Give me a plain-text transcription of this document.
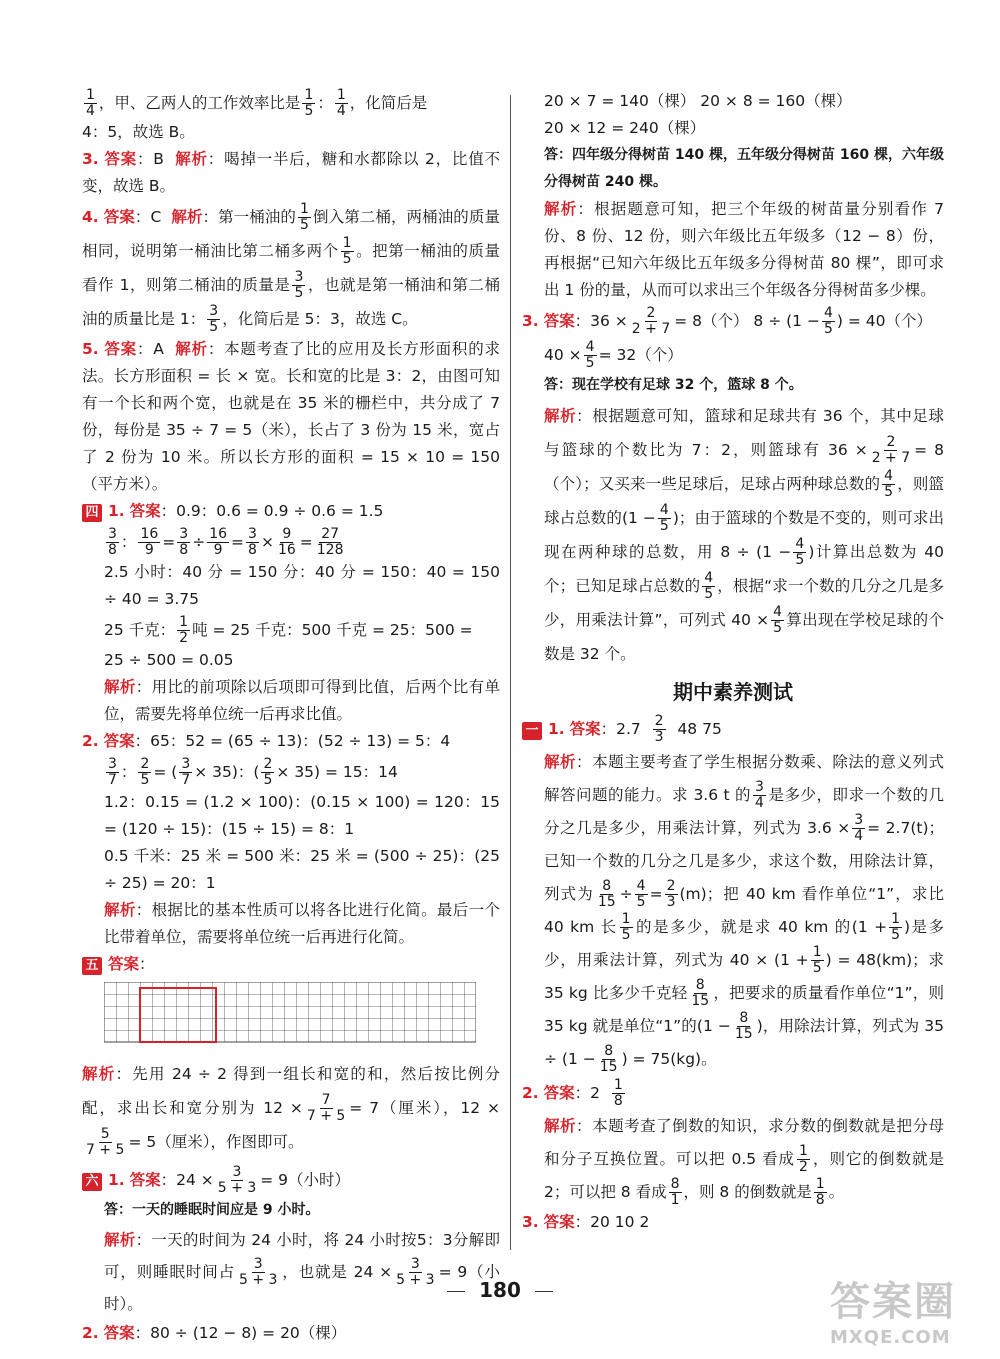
$\frac{1}{4}$ ，甲、乙两人的工作效率比是 $\frac{1}{5}$ ： $\frac{1}{4}$ ，化简后是

4：5，故选 B。

3. 答案：B 解析：喝掉一半后，糖和水都除以 2，比值不变，故选 B。

4. 答案：C 解析：第一桶油的 $\frac{1}{5}$ 倒入第二桶，两桶油的质量相同，说明第一桶油比第二桶多两个 $\frac{1}{5}$ 。把第一桶油的质量看作 1，则第二桶油的质量是 $\frac{3}{5}$ ，也就是第一桶油和第二桶油的质量比是 1： $\frac{3}{5}$ ，化简后是 5：3，故选 C。

5. 答案：A 解析：本题考查了比的应用及长方形面积的求法。长方形面积 = 长 × 宽。长和宽的比是 3：2，由图可知有一个长和两个宽，也就是在 35 米的栅栏中，共分成了 7 份，每份是 35 ÷ 7 = 5（米），长占了 3 份为 15 米，宽占了 2 份为 10 米。所以长方形的面积 = 15 × 10 = 150（平方米）。

四 1. 答案：0.9：0.6 = 0.9 ÷ 0.6 = 1.5

$\frac{3}{8}$ ： $\frac{16}{9} = \frac{3}{8} \div \frac{16}{9} = \frac{3}{8} \times \frac{9}{16} = \frac{27}{128}$

2.5 小时：40 分 = 150 分：40 分 = 150：40 = 150 ÷ 40 = 3.75

25 千克： $\frac{1}{2}$ 吨 = 25 千克：500 千克 = 25：500 =

25 ÷ 500 = 0.05

解析：用比的前项除以后项即可得到比值，后两个比有单位，需要先将单位统一后再求比值。

2. 答案：65：52 = (65 ÷ 13)：(52 ÷ 13) = 5：4

$\frac{3}{7}$ ： $\frac{2}{5}$ = ( $\frac{3}{7} \times 35$)：( $\frac{2}{5} \times 35) = 15$：14

1.2：0.15 = (1.2 × 100)：(0.15 × 100) = 120：15 = (120 ÷ 15)：(15 ÷ 15) = 8：1

0.5 千米：25 米 = 500 米：25 米 = (500 ÷ 25)：(25 ÷ 25) = 20：1

解析：根据比的基本性质可以将各比进行化简。最后一个比带着单位，需要将单位统一后再进行化简。

五 答案：

解析：先用 24 ÷ 2 得到一组长和宽的和，然后按比例分配，求出长和宽分别为 $12 \times \frac{7}{7 + 5} = 7$（厘米），12 ×
$\frac{5}{7 + 5} = 5$（厘米），作图即可。

六 1. 答案：$24 \times \frac{3}{5 + 3} = 9$（小时）

答：一天的睡眠时间应是 9 小时。

解析：一天的时间为 24 小时，将 24 小时按5：3分解即可，则睡眠时间占 $\frac{3}{5 + 3}$ ，也就是 $24 \times \frac{3}{5 + 3} = 9$（小时）。

2. 答案：80 ÷ (12 − 8) = 20（棵）

20 × 7 = 140（棵） 20 × 8 = 160（棵）

20 × 12 = 240（棵）

答：四年级分得树苗 140 棵，五年级分得树苗 160 棵，六年级分得树苗 240 棵。

解析：根据题意可知，把三个年级的树苗量分别看作 7 份、8 份、12 份，则六年级比五年级多（12 − 8）份，再根据“已知六年级比五年级多分得树苗 80 棵”，即可求出 1 份的量，从而可以求出三个年级各分得树苗多少棵。

3. 答案：$36 \times \frac{2}{2 + 7} = 8$（个） $8 \div (1 - \frac{4}{5}$ ) = 40（个）

$40 \times \frac{4}{5} = 32$（个）

答：现在学校有足球 32 个，篮球 8 个。

解析：根据题意可知，篮球和足球共有 36 个，其中足球与篮球的个数比为 7：2，则篮球有 $36 \times \frac{2}{2 + 7} = 8$（个）；又买来一些足球后，足球占两种球总数的 $\frac{4}{5}$ ，则篮球占总数的($1 - \frac{4}{5}$ )；由于篮球的个数是不变的，则可求出现在两种球的总数，用 $8 \div (1 - \frac{4}{5}$ )计算出总数为 40 个；已知足球占总数的 $\frac{4}{5}$ ，根据“求一个数的几分之几是多少，用乘法计算”，可列式 $40 \times \frac{4}{5}$ 算出现在学校足球的个数是 32 个。

期中素养测试

一 1. 答案：$2.7 \frac{2}{3} 48$ 75

解析：本题主要考查了学生根据分数乘、除法的意义列式解答问题的能力。求 3.6 t 的 $\frac{3}{4}$ 是多少，即求一个数的几分之几是多少，用乘法计算，列式为 $3.6 \times \frac{3}{4} = 2.7(t)$；已知一个数的几分之几是多少，求这个数，用除法计算，列式为 $\frac{8}{15} \div \frac{4}{5} = \frac{2}{3} (m)$；把 40 km 看作单位“1”，求比 40 km 长 $\frac{1}{5}$ 的是多少，就是求 40 km 的($1 + \frac{1}{5}$ )是多少，用乘法计算，列式为 $40 \times (1 + \frac{1}{5}$ ) = 48(km)；求 35 kg 比多少千克轻 $\frac{8}{15}$ ，把要求的质量看作单位“1”，则 35 kg 就是单位“1”的($1 - \frac{8}{15}$ )，用除法计算，列式为 $35 \div (1 - \frac{8}{15}$ ) = 75(kg)。

2. 答案：$2 \frac{1}{8}$

解析：本题考查了倒数的知识，求分数的倒数就是把分母和分子互换位置。可以把 0.5 看成 $\frac{1}{2}$ ，则它的倒数就是 2；可以把 8 看成 $\frac{8}{1}$ ，则 8 的倒数就是 $\frac{1}{8}$ 。

3. 答案：20 10 2

180	答案圈
MXQE.COM
